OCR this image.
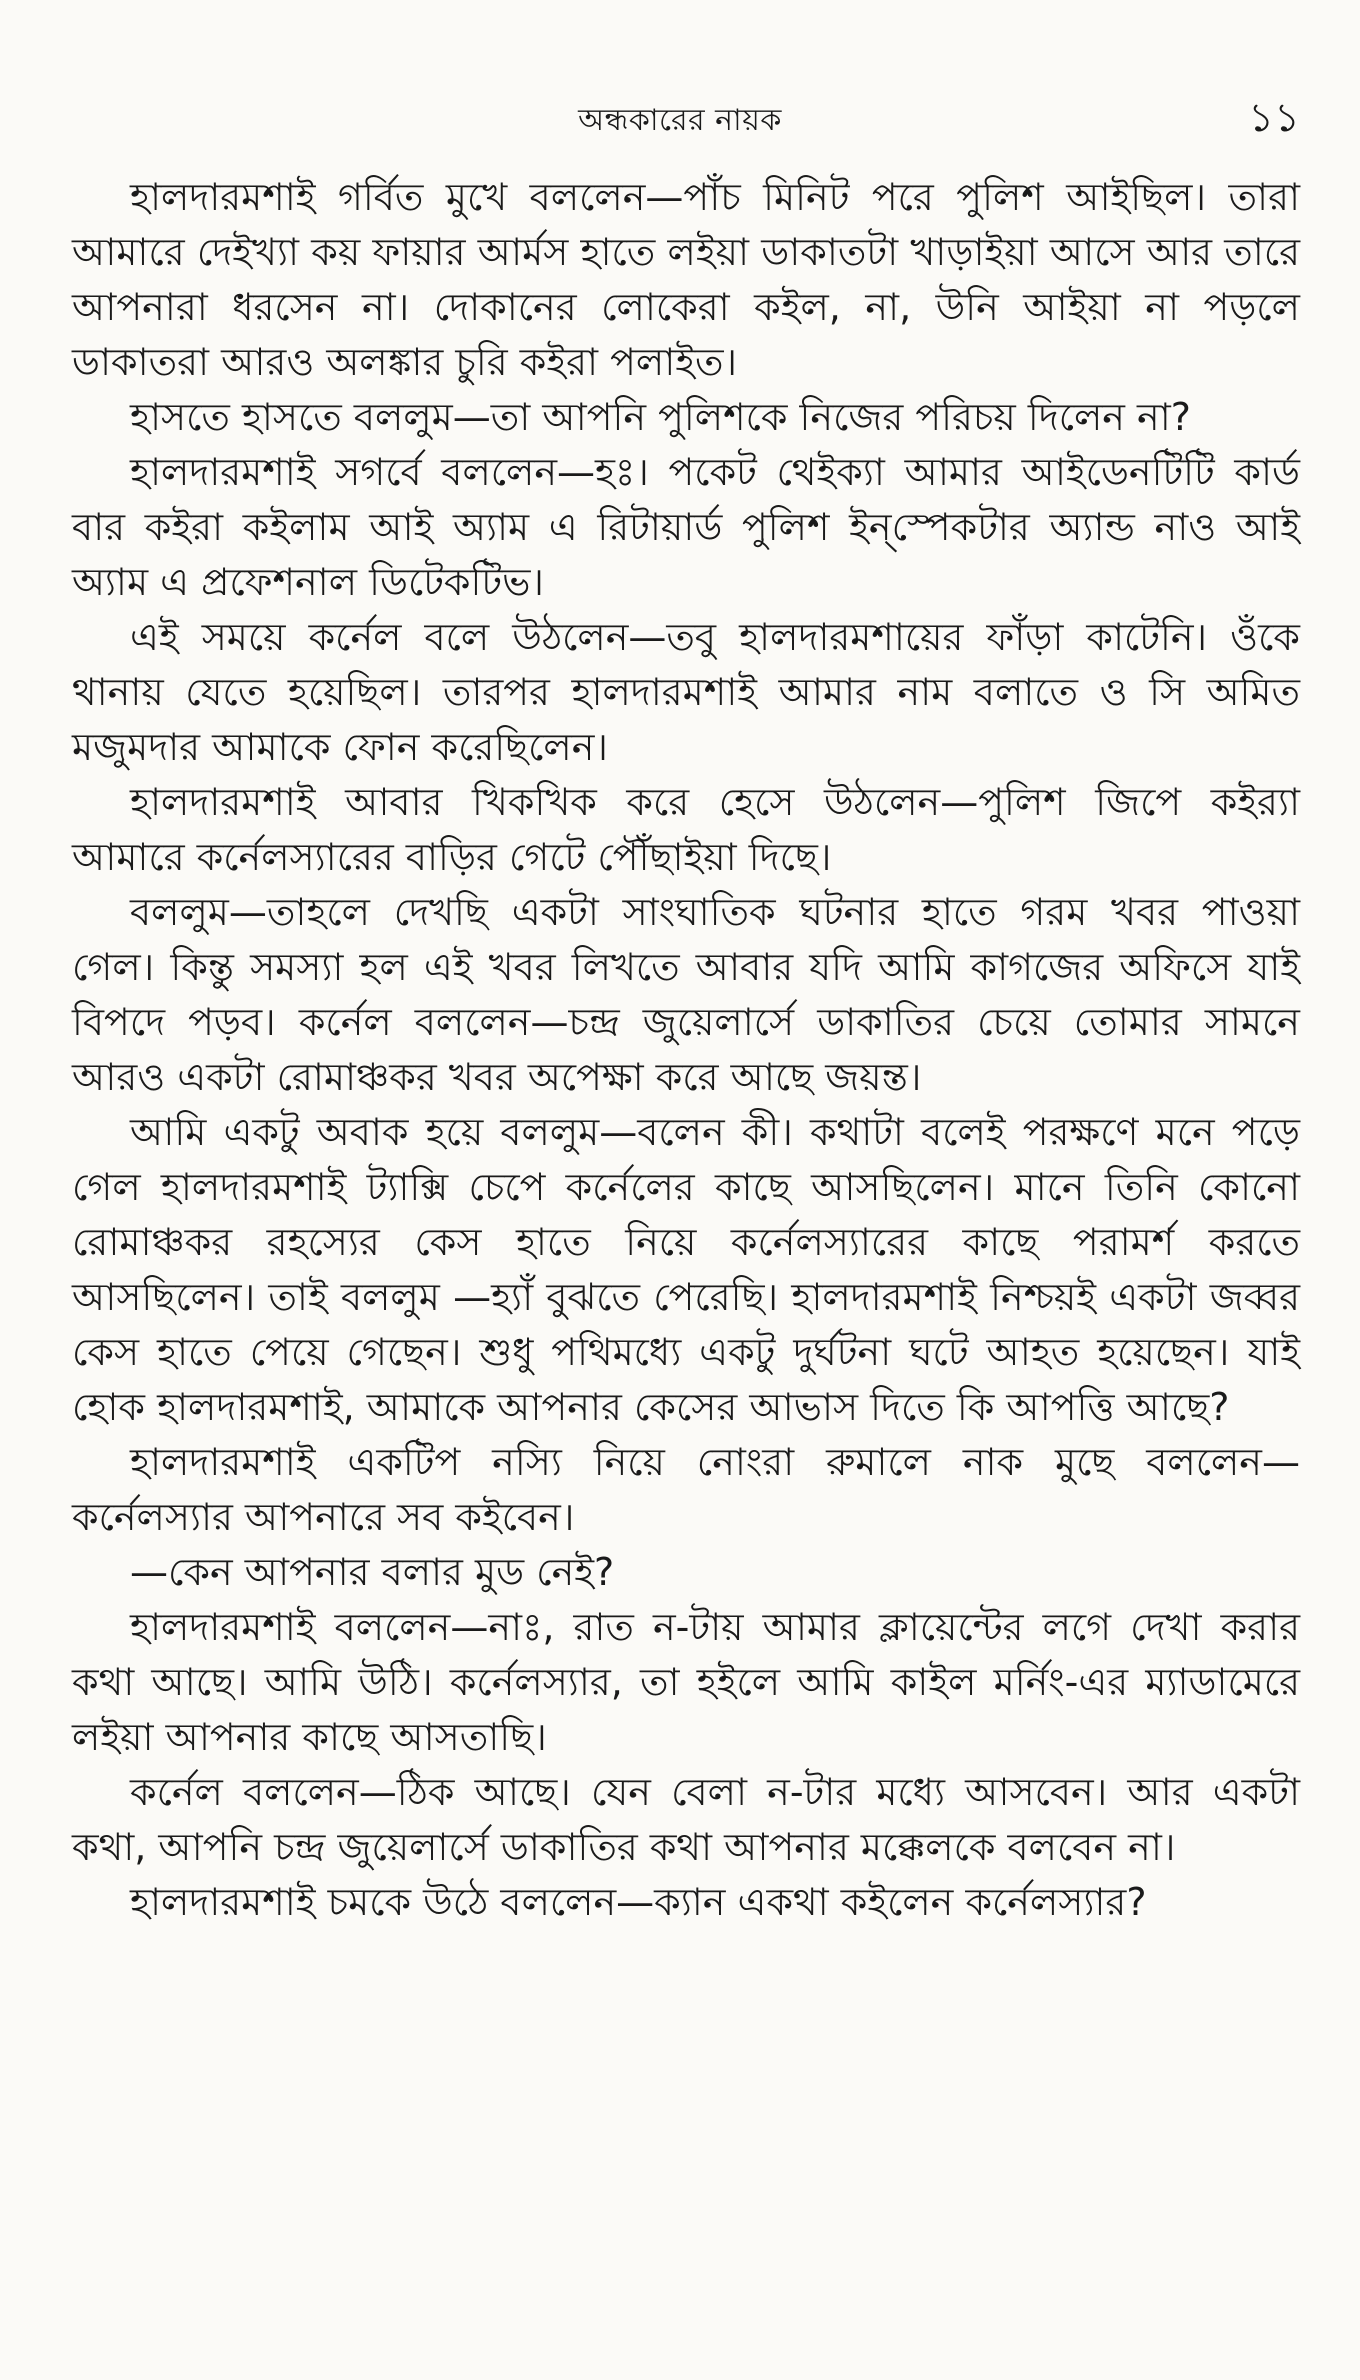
অন্ধকারের নায়ক	১১

হালদারমশাই গর্বিত মুখে বললেন—পাঁচ মিনিট পরে পুলিশ আইছিল। তারা আমারে দেইখ্যা কয় ফায়ার আর্মস হাতে লইয়া ডাকাতটা খাড়াইয়া আসে আর তারে আপনারা ধরসেন না। দোকানের লোকেরা কইল, না, উনি আইয়া না পড়লে ডাকাতরা আরও অলঙ্কার চুরি কইরা পলাইত।

হাসতে হাসতে বললুম—তা আপনি পুলিশকে নিজের পরিচয় দিলেন না?

হালদারমশাই সগর্বে বললেন—হঃ। পকেট থেইক্যা আমার আইডেনটিটি কার্ড বার কইরা কইলাম আই অ্যাম এ রিটায়ার্ড পুলিশ ইন্‌স্পেকটার অ্যান্ড নাও আই অ্যাম এ প্রফেশনাল ডিটেকটিভ।

এই সময়ে কর্নেল বলে উঠলেন—তবু হালদারমশায়ের ফাঁড়া কাটেনি। ওঁকে থানায় যেতে হয়েছিল। তারপর হালদারমশাই আমার নাম বলাতে ও সি অমিত মজুমদার আমাকে ফোন করেছিলেন।

হালদারমশাই আবার খিকখিক করে হেসে উঠলেন—পুলিশ জিপে কইর‍্যা আমারে কর্নেলস্যারের বাড়ির গেটে পৌঁছাইয়া দিছে।

বললুম—তাহলে দেখছি একটা সাংঘাতিক ঘটনার হাতে গরম খবর পাওয়া গেল। কিন্তু সমস্যা হল এই খবর লিখতে আবার যদি আমি কাগজের অফিসে যাই বিপদে পড়ব। কর্নেল বললেন—চন্দ্র জুয়েলার্সে ডাকাতির চেয়ে তোমার সামনে আরও একটা রোমাঞ্চকর খবর অপেক্ষা করে আছে জয়ন্ত।

আমি একটু অবাক হয়ে বললুম—বলেন কী। কথাটা বলেই পরক্ষণে মনে পড়ে গেল হালদারমশাই ট্যাক্সি চেপে কর্নেলের কাছে আসছিলেন। মানে তিনি কোনো রোমাঞ্চকর রহস্যের কেস হাতে নিয়ে কর্নেলস্যারের কাছে পরামর্শ করতে আসছিলেন। তাই বললুম —হ্যাঁ বুঝতে পেরেছি। হালদারমশাই নিশ্চয়ই একটা জব্বর কেস হাতে পেয়ে গেছেন। শুধু পথিমধ্যে একটু দুর্ঘটনা ঘটে আহত হয়েছেন। যাই হোক হালদারমশাই, আমাকে আপনার কেসের আভাস দিতে কি আপত্তি আছে?

হালদারমশাই একটিপ নস্যি নিয়ে নোংরা রুমালে নাক মুছে বললেন—কর্নেলস্যার আপনারে সব কইবেন।

—কেন আপনার বলার মুড নেই?

হালদারমশাই বললেন—নাঃ, রাত ন-টায় আমার ক্লায়েন্টের লগে দেখা করার কথা আছে। আমি উঠি। কর্নেলস্যার, তা হইলে আমি কাইল মর্নিং-এর ম্যাডামেরে লইয়া আপনার কাছে আসতাছি।

কর্নেল বললেন—ঠিক আছে। যেন বেলা ন-টার মধ্যে আসবেন। আর একটা কথা, আপনি চন্দ্র জুয়েলার্সে ডাকাতির কথা আপনার মক্কেলকে বলবেন না।

হালদারমশাই চমকে উঠে বললেন—ক্যান একথা কইলেন কর্নেলস্যার?
